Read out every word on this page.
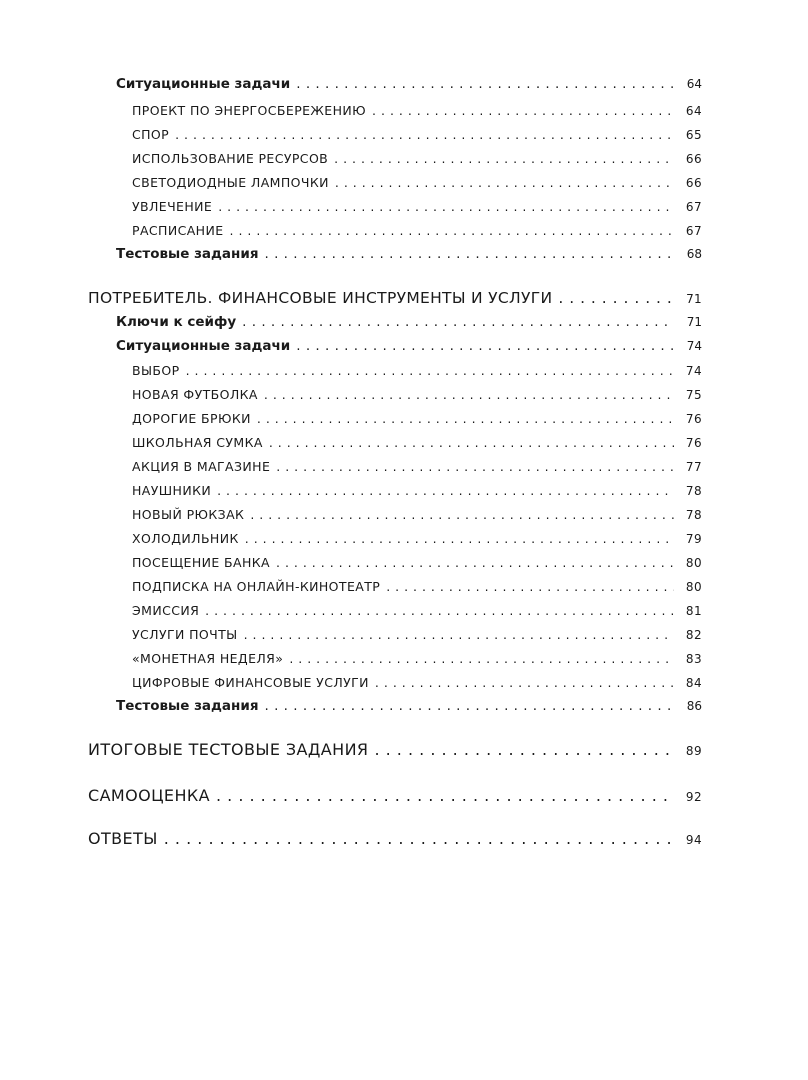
Ситуационные задачи . . .	64
ПРОЕКТ ПО ЭНЕРГОСБЕРЕЖЕНИЮ . . .	64
СПОР . . .	65
ИСПОЛЬЗОВАНИЕ РЕСУРСОВ . . .	66
СВЕТОДИОДНЫЕ ЛАМПОЧКИ . . .	66
УВЛЕЧЕНИЕ . . .	67
РАСПИСАНИЕ . . .	67
Тестовые задания . . .	68
ПОТРЕБИТЕЛЬ. ФИНАНСОВЫЕ ИНСТРУМЕНТЫ И УСЛУГИ . . .	71
Ключи к сейфу . . .	71
Ситуационные задачи . . .	74
ВЫБОР . . .	74
НОВАЯ ФУТБОЛКА . . .	75
ДОРОГИЕ БРЮКИ . . .	76
ШКОЛЬНАЯ СУМКА . . .	76
АКЦИЯ В МАГАЗИНЕ . . .	77
НАУШНИКИ . . .	78
НОВЫЙ РЮКЗАК . . .	78
ХОЛОДИЛЬНИК . . .	79
ПОСЕЩЕНИЕ БАНКА . . .	80
ПОДПИСКА НА ОНЛАЙН-КИНОТЕАТР . . .	80
ЭМИССИЯ . . .	81
УСЛУГИ ПОЧТЫ . . .	82
«МОНЕТНАЯ НЕДЕЛЯ» . . .	83
ЦИФРОВЫЕ ФИНАНСОВЫЕ УСЛУГИ . . .	84
Тестовые задания . . .	86
ИТОГОВЫЕ ТЕСТОВЫЕ ЗАДАНИЯ . . .	89
САМООЦЕНКА . . .	92
ОТВЕТЫ . . .	94
